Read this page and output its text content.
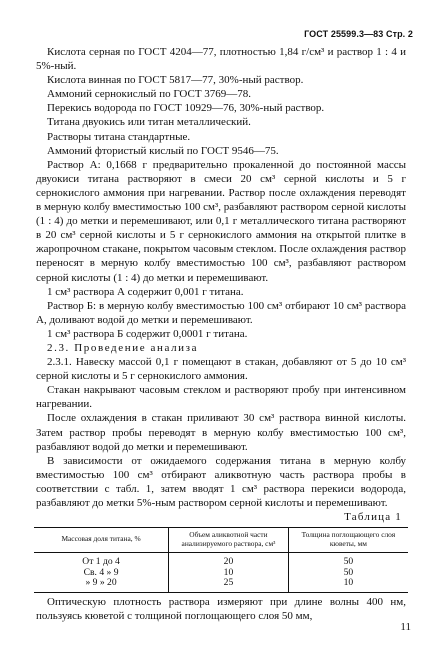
ГОСТ 25599.3—83 Стр. 2

Кислота серная по ГОСТ 4204—77, плотностью 1,84 г/см³ и раствор 1 : 4 и 5%-ный.

Кислота винная по ГОСТ 5817—77, 30%-ный раствор.

Аммоний сернокислый по ГОСТ 3769—78.

Перекись водорода по ГОСТ 10929—76, 30%-ный раствор.

Титана двуокись или титан металлический.

Растворы титана стандартные.

Аммоний фтористый кислый по ГОСТ 9546—75.

Раствор А: 0,1668 г предварительно прокаленной до постоянной массы двуокиси титана растворяют в смеси 20 см³ серной кислоты и 5 г сернокислого аммония при нагревании. Раствор после охлаждения переводят в мерную колбу вместимостью 100 см³, разбавляют раствором серной кислоты (1 : 4) до метки и перемешивают, или 0,1 г металлического титана растворяют в 20 см³ серной кислоты и 5 г сернокислого аммония на открытой плитке в жаропрочном стакане, покрытом часовым стеклом. После охлаждения раствор переносят в мерную колбу вместимостью 100 см³, разбавляют раствором серной кислоты (1 : 4) до метки и перемешивают.

1 см³ раствора А содержит 0,001 г титана.

Раствор Б: в мерную колбу вместимостью 100 см³ отбирают 10 см³ раствора А, доливают водой до метки и перемешивают.

1 см³ раствора Б содержит 0,0001 г титана.

2.3. Проведение анализа

2.3.1. Навеску массой 0,1 г помещают в стакан, добавляют от 5 до 10 см³ серной кислоты и 5 г сернокислого аммония.

Стакан накрывают часовым стеклом и растворяют пробу при интенсивном нагревании.

После охлаждения в стакан приливают 30 см³ раствора винной кислоты. Затем раствор пробы переводят в мерную колбу вместимостью 100 см³, разбавляют водой до метки и перемешивают.

В зависимости от ожидаемого содержания титана в мерную колбу вместимостью 100 см³ отбирают аликвотную часть раствора пробы в соответствии с табл. 1, затем вводят 1 см³ раствора перекиси водорода, разбавляют до метки 5%-ным раствором серной кислоты и перемешивают.

Таблица 1

Массовая доля титана, %	Объем аликвотной части анализируемого раствора, см³	Толщина поглощающего слоя кюветы, мм
От 1 до 4	20	50
Св. 4 » 9	10	50
» 9 » 20	25	10

Оптическую плотность раствора измеряют при длине волны 400 нм, пользуясь кюветой с толщиной поглощающего слоя 50 мм,

11
